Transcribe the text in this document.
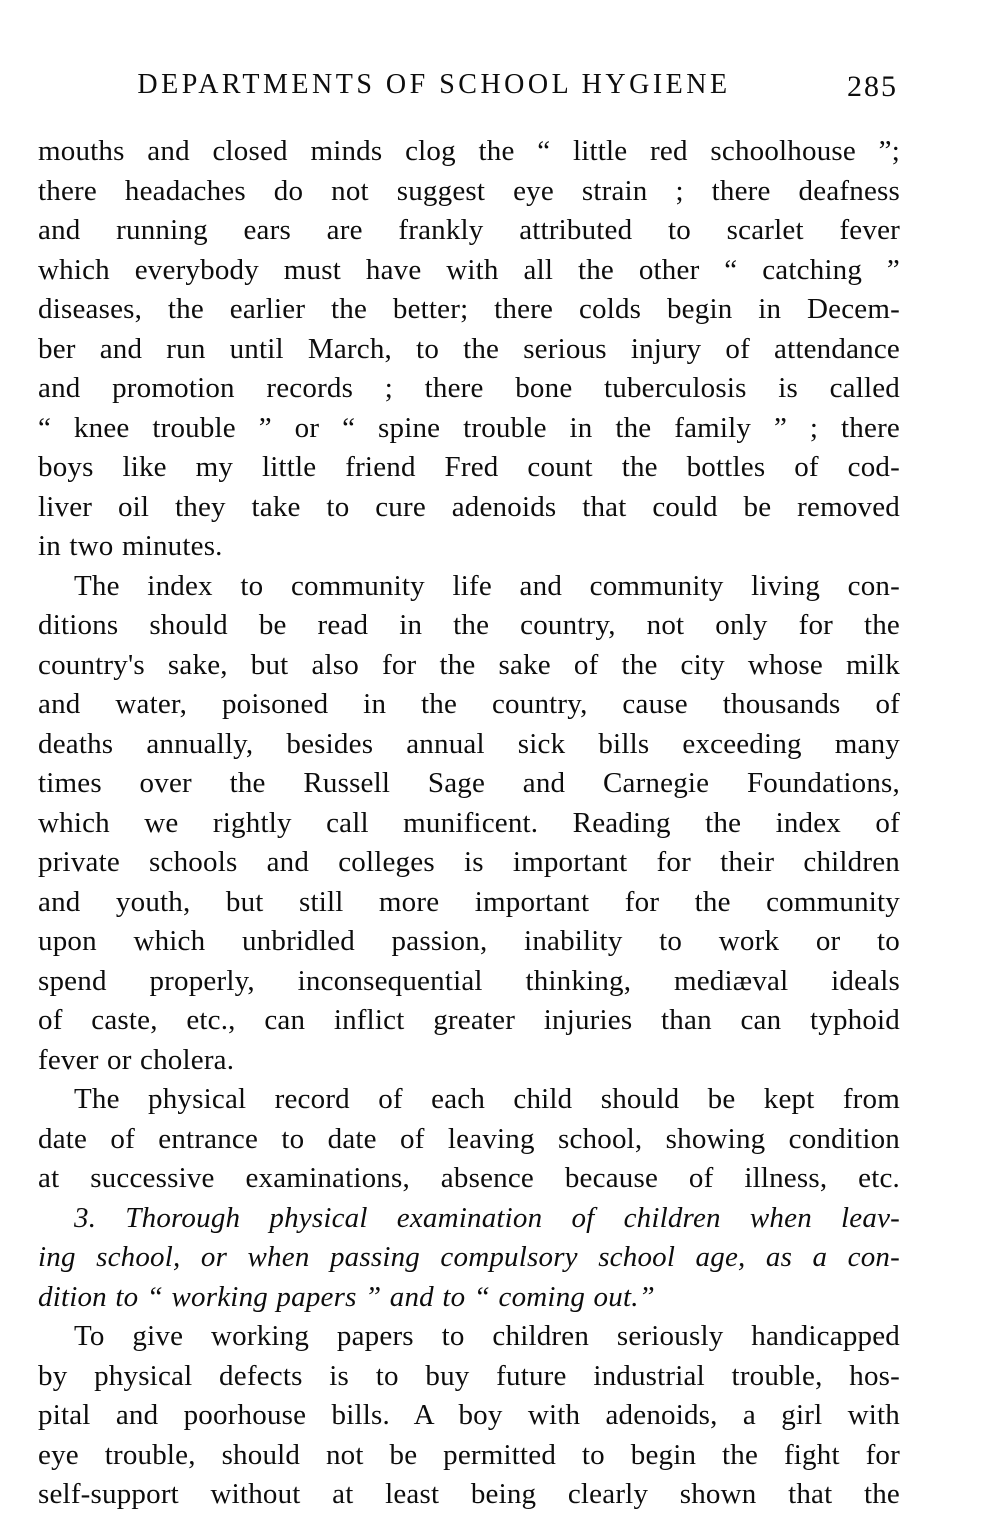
DEPARTMENTS OF SCHOOL HYGIENE	285
mouths and closed minds clog the “ little red schoolhouse ”;
there headaches do not suggest eye strain ; there deafness
and running ears are frankly attributed to scarlet fever
which everybody must have with all the other “ catching ”
diseases, the earlier the better; there colds begin in Decem-
ber and run until March, to the serious injury of attendance
and promotion records ; there bone tuberculosis is called
“ knee trouble ” or “ spine trouble in the family ” ; there
boys like my little friend Fred count the bottles of cod-
liver oil they take to cure adenoids that could be removed
in two minutes.
The index to community life and community living con-
ditions should be read in the country, not only for the
country's sake, but also for the sake of the city whose milk
and water, poisoned in the country, cause thousands of
deaths annually, besides annual sick bills exceeding many
times over the Russell Sage and Carnegie Foundations,
which we rightly call munificent. Reading the index of
private schools and colleges is important for their children
and youth, but still more important for the community
upon which unbridled passion, inability to work or to
spend properly, inconsequential thinking, mediæval ideals
of caste, etc., can inflict greater injuries than can typhoid
fever or cholera.
The physical record of each child should be kept from
date of entrance to date of leaving school, showing condition
at successive examinations, absence because of illness, etc.
3. Thorough physical examination of children when leav-
ing school, or when passing compulsory school age, as a con-
dition to “ working papers ” and to “ coming out.”
To give working papers to children seriously handicapped
by physical defects is to buy future industrial trouble, hos-
pital and poorhouse bills. A boy with adenoids, a girl with
eye trouble, should not be permitted to begin the fight for
self-support without at least being clearly shown that the
